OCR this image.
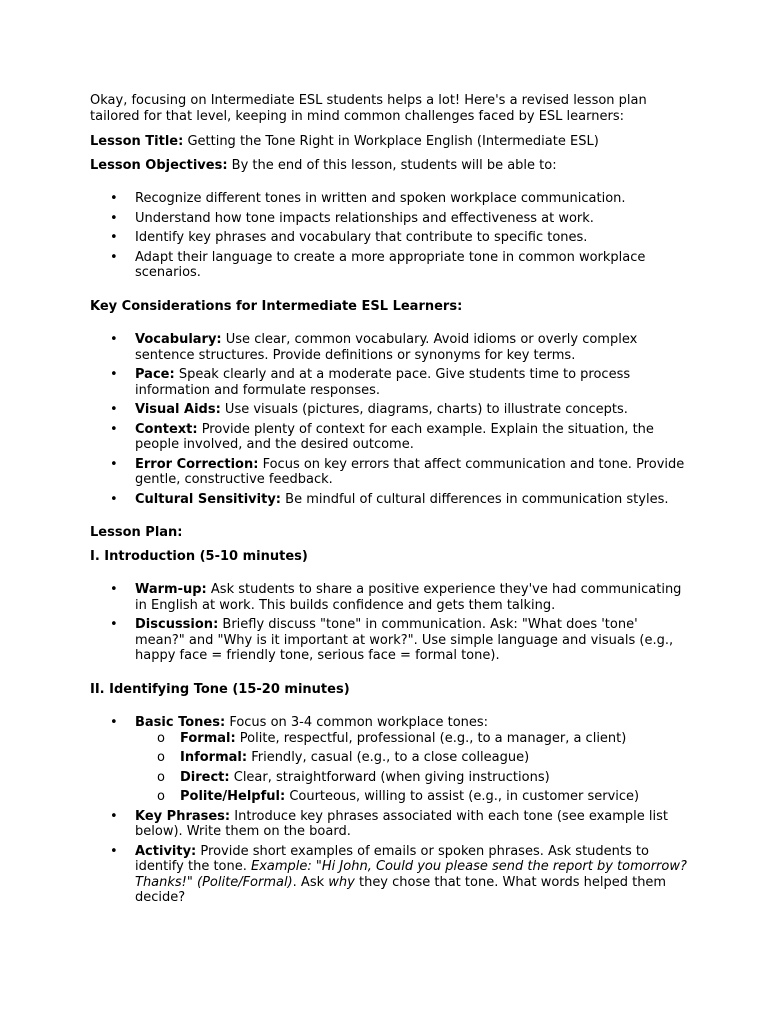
Okay, focusing on Intermediate ESL students helps a lot! Here's a revised lesson plan tailored for that level, keeping in mind common challenges faced by ESL learners:

Lesson Title: Getting the Tone Right in Workplace English (Intermediate ESL)

Lesson Objectives: By the end of this lesson, students will be able to:

• Recognize different tones in written and spoken workplace communication.
• Understand how tone impacts relationships and effectiveness at work.
• Identify key phrases and vocabulary that contribute to specific tones.
• Adapt their language to create a more appropriate tone in common workplace scenarios.

Key Considerations for Intermediate ESL Learners:

• Vocabulary: Use clear, common vocabulary. Avoid idioms or overly complex sentence structures. Provide definitions or synonyms for key terms.
• Pace: Speak clearly and at a moderate pace. Give students time to process information and formulate responses.
• Visual Aids: Use visuals (pictures, diagrams, charts) to illustrate concepts.
• Context: Provide plenty of context for each example. Explain the situation, the people involved, and the desired outcome.
• Error Correction: Focus on key errors that affect communication and tone. Provide gentle, constructive feedback.
• Cultural Sensitivity: Be mindful of cultural differences in communication styles.

Lesson Plan:

I. Introduction (5-10 minutes)

• Warm-up: Ask students to share a positive experience they've had communicating in English at work. This builds confidence and gets them talking.
• Discussion: Briefly discuss "tone" in communication. Ask: "What does 'tone' mean?" and "Why is it important at work?". Use simple language and visuals (e.g., happy face = friendly tone, serious face = formal tone).

II. Identifying Tone (15-20 minutes)

• Basic Tones: Focus on 3-4 common workplace tones:
o Formal: Polite, respectful, professional (e.g., to a manager, a client)
o Informal: Friendly, casual (e.g., to a close colleague)
o Direct: Clear, straightforward (when giving instructions)
o Polite/Helpful: Courteous, willing to assist (e.g., in customer service)
• Key Phrases: Introduce key phrases associated with each tone (see example list below). Write them on the board.
• Activity: Provide short examples of emails or spoken phrases. Ask students to identify the tone. Example: "Hi John, Could you please send the report by tomorrow? Thanks!" (Polite/Formal). Ask why they chose that tone. What words helped them decide?
